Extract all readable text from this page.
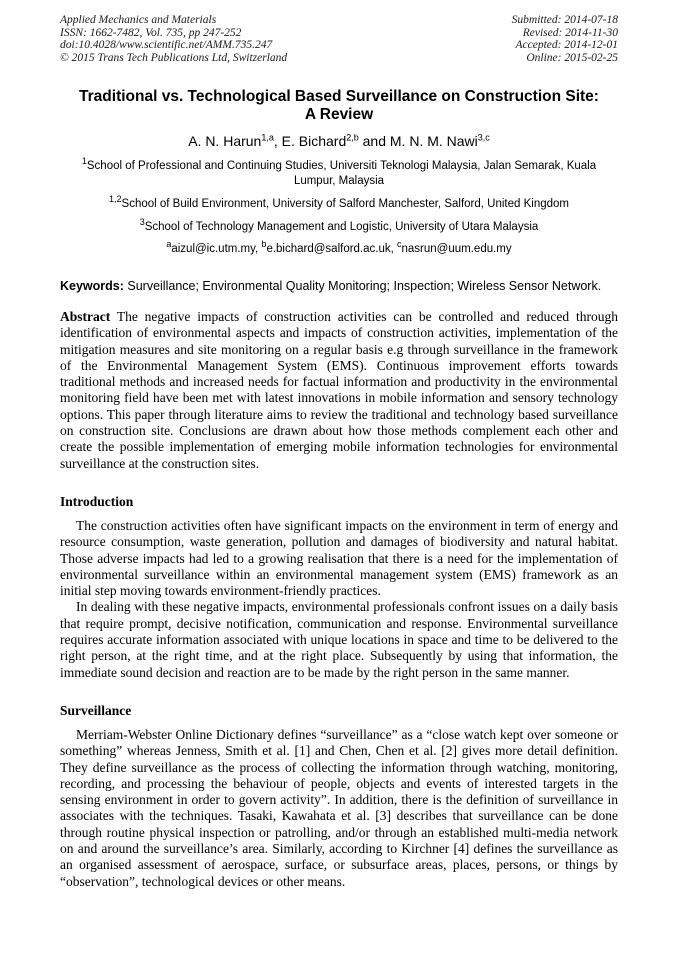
Applied Mechanics and Materials
ISSN: 1662-7482, Vol. 735, pp 247-252
doi:10.4028/www.scientific.net/AMM.735.247
© 2015 Trans Tech Publications Ltd, Switzerland
Submitted: 2014-07-18
Revised: 2014-11-30
Accepted: 2014-12-01
Online: 2015-02-25
Traditional vs. Technological Based Surveillance on Construction Site:
A Review
A. N. Harun$^{1,a}$, E. Bichard$^{2,b}$ and M. N. M. Nawi$^{3,c}$
$^1$School of Professional and Continuing Studies, Universiti Teknologi Malaysia, Jalan Semarak, Kuala Lumpur, Malaysia
$^{1,2}$School of Build Environment, University of Salford Manchester, Salford, United Kingdom
$^3$School of Technology Management and Logistic, University of Utara Malaysia
$^a$aizul@ic.utm.my, $^b$e.bichard@salford.ac.uk, $^c$nasrun@uum.edu.my
Keywords: Surveillance; Environmental Quality Monitoring; Inspection; Wireless Sensor Network.
Abstract The negative impacts of construction activities can be controlled and reduced through identification of environmental aspects and impacts of construction activities, implementation of the mitigation measures and site monitoring on a regular basis e.g through surveillance in the framework of the Environmental Management System (EMS). Continuous improvement efforts towards traditional methods and increased needs for factual information and productivity in the environmental monitoring field have been met with latest innovations in mobile information and sensory technology options. This paper through literature aims to review the traditional and technology based surveillance on construction site. Conclusions are drawn about how those methods complement each other and create the possible implementation of emerging mobile information technologies for environmental surveillance at the construction sites.
Introduction

The construction activities often have significant impacts on the environment in term of energy and resource consumption, waste generation, pollution and damages of biodiversity and natural habitat. Those adverse impacts had led to a growing realisation that there is a need for the implementation of environmental surveillance within an environmental management system (EMS) framework as an initial step moving towards environment-friendly practices.

In dealing with these negative impacts, environmental professionals confront issues on a daily basis that require prompt, decisive notification, communication and response. Environmental surveillance requires accurate information associated with unique locations in space and time to be delivered to the right person, at the right time, and at the right place. Subsequently by using that information, the immediate sound decision and reaction are to be made by the right person in the same manner.

Surveillance

Merriam-Webster Online Dictionary defines “surveillance” as a “close watch kept over someone or something” whereas Jenness, Smith et al. [1] and Chen, Chen et al. [2] gives more detail definition. They define surveillance as the process of collecting the information through watching, monitoring, recording, and processing the behaviour of people, objects and events of interested targets in the sensing environment in order to govern activity”. In addition, there is the definition of surveillance in associates with the techniques. Tasaki, Kawahata et al. [3] describes that surveillance can be done through routine physical inspection or patrolling, and/or through an established multi-media network on and around the surveillance’s area. Similarly, according to Kirchner [4] defines the surveillance as an organised assessment of aerospace, surface, or subsurface areas, places, persons, or things by “observation”, technological devices or other means.
